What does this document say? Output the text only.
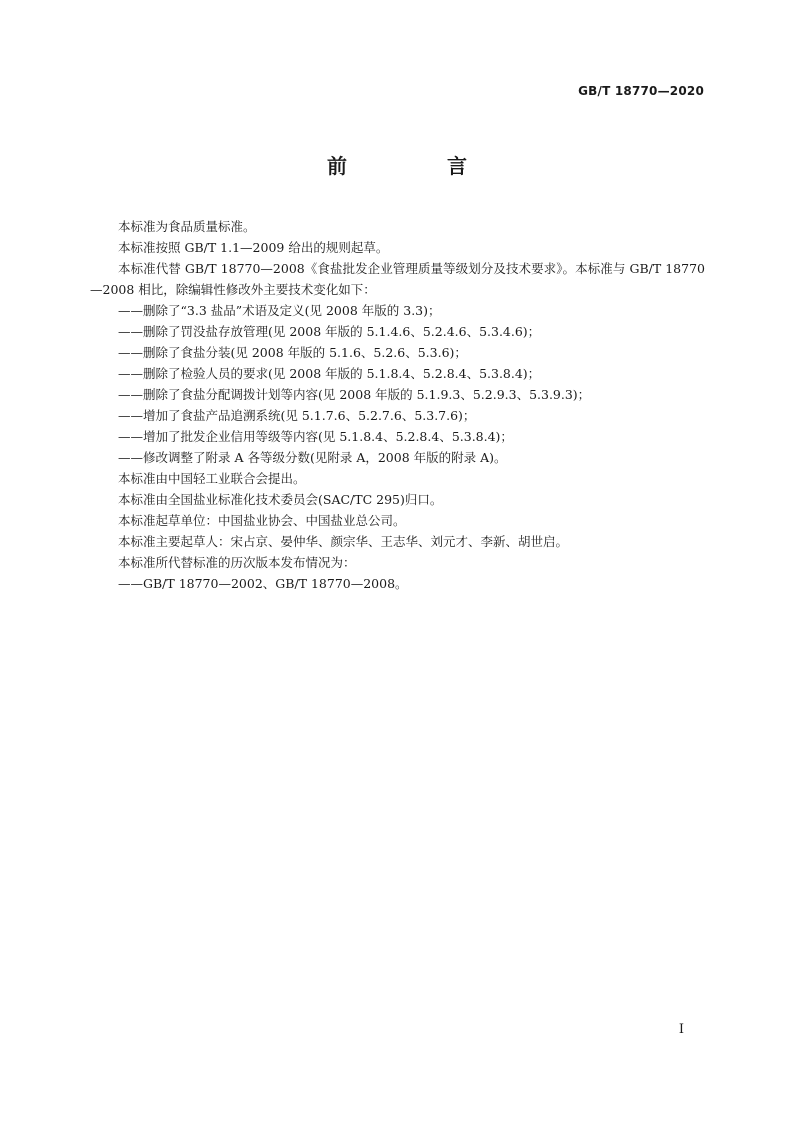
GB/T 18770—2020
前　言

本标准为食品质量标准。

本标准按照 GB/T 1.1—2009 给出的规则起草。

本标准代替 GB/T 18770—2008《食盐批发企业管理质量等级划分及技术要求》。本标准与 GB/T 18770—2008 相比，除编辑性修改外主要技术变化如下：

——删除了“3.3 盐品”术语及定义(见 2008 年版的 3.3)；

——删除了罚没盐存放管理(见 2008 年版的 5.1.4.6、5.2.4.6、5.3.4.6)；

——删除了食盐分装(见 2008 年版的 5.1.6、5.2.6、5.3.6)；

——删除了检验人员的要求(见 2008 年版的 5.1.8.4、5.2.8.4、5.3.8.4)；

——删除了食盐分配调拨计划等内容(见 2008 年版的 5.1.9.3、5.2.9.3、5.3.9.3)；

——增加了食盐产品追溯系统(见 5.1.7.6、5.2.7.6、5.3.7.6)；

——增加了批发企业信用等级等内容(见 5.1.8.4、5.2.8.4、5.3.8.4)；

——修改调整了附录 A 各等级分数(见附录 A，2008 年版的附录 A)。

本标准由中国轻工业联合会提出。

本标准由全国盐业标准化技术委员会(SAC/TC 295)归口。

本标准起草单位：中国盐业协会、中国盐业总公司。

本标准主要起草人：宋占京、晏仲华、颜宗华、王志华、刘元才、李新、胡世启。

本标准所代替标准的历次版本发布情况为：

——GB/T 18770—2002、GB/T 18770—2008。

I
